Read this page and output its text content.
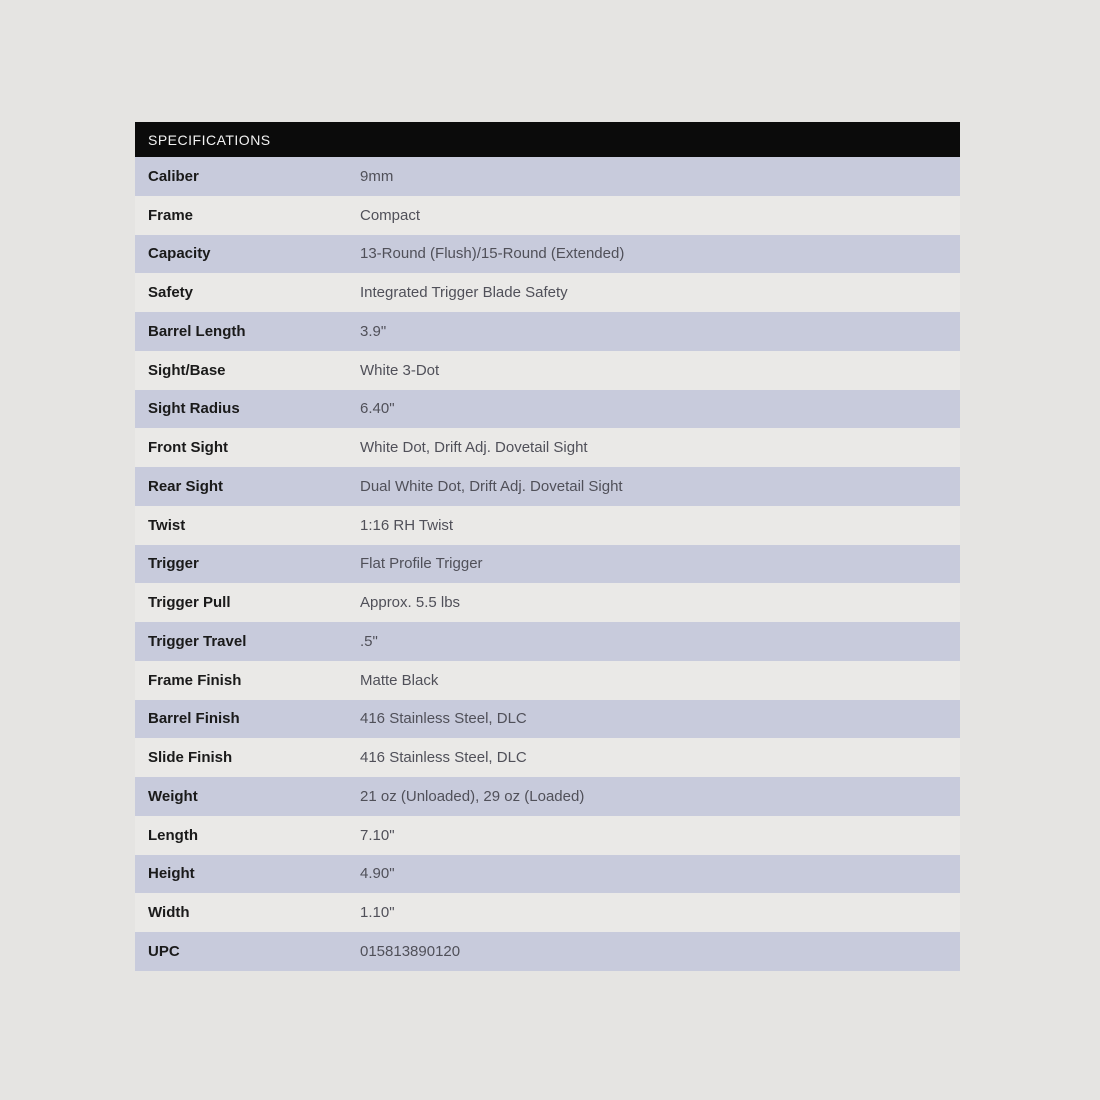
SPECIFICATIONS
Caliber	9mm
Frame	Compact
Capacity	13-Round (Flush)/15-Round (Extended)
Safety	Integrated Trigger Blade Safety
Barrel Length	3.9"
Sight/Base	White 3-Dot
Sight Radius	6.40"
Front Sight	White Dot, Drift Adj. Dovetail Sight
Rear Sight	Dual White Dot, Drift Adj. Dovetail Sight
Twist	1:16 RH Twist
Trigger	Flat Profile Trigger
Trigger Pull	Approx. 5.5 lbs
Trigger Travel	.5"
Frame Finish	Matte Black
Barrel Finish	416 Stainless Steel, DLC
Slide Finish	416 Stainless Steel, DLC
Weight	21 oz (Unloaded), 29 oz (Loaded)
Length	7.10"
Height	4.90"
Width	1.10"
UPC	015813890120
